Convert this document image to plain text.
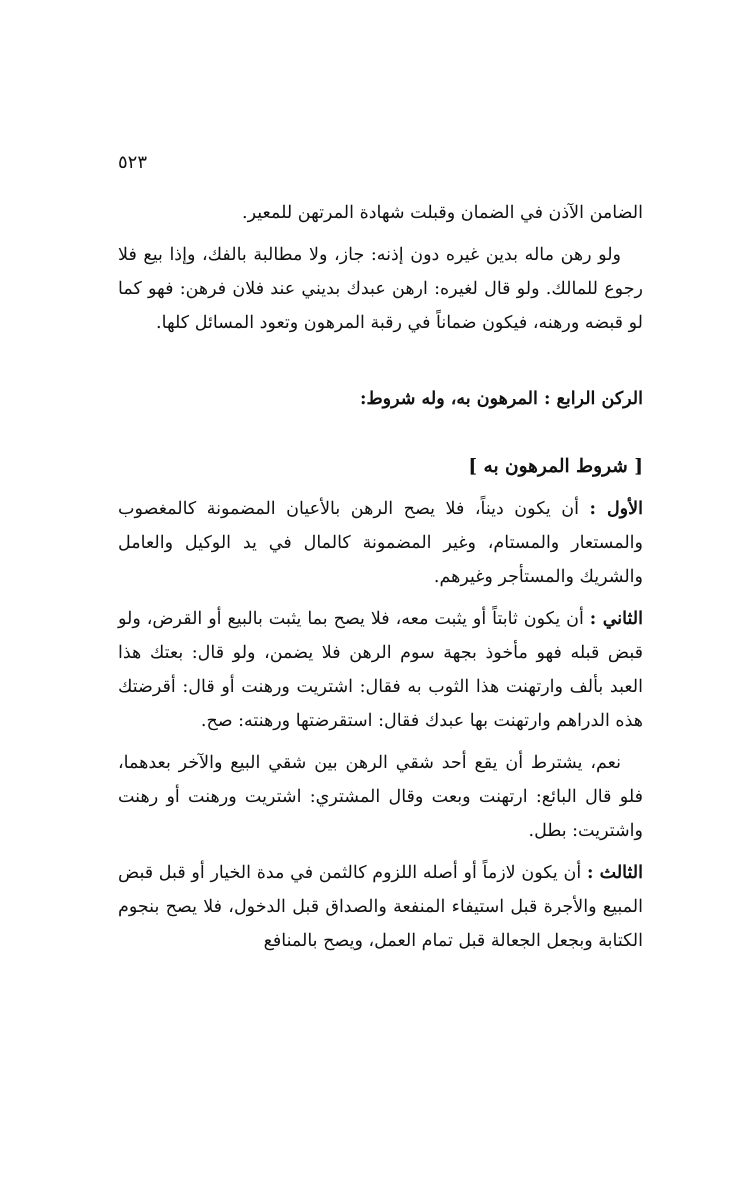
٥٢٣

الضامن الآذن في الضمان وقبلت شهادة المرتهن للمعير.

ولو رهن ماله بدين غيره دون إذنه: جاز، ولا مطالبة بالفك، وإذا بيع فلا رجوع للمالك. ولو قال لغيره: ارهن عبدك بديني عند فلان فرهن: فهو كما لو قبضه ورهنه، فيكون ضماناً في رقبة المرهون وتعود المسائل كلها.

الركن الرابع : المرهون به، وله شروط:

[ شروط المرهون به ]

الأول : أن يكون ديناً، فلا يصح الرهن بالأعيان المضمونة كالمغصوب والمستعار والمستام، وغير المضمونة كالمال في يد الوكيل والعامل والشريك والمستأجر وغيرهم.

الثاني : أن يكون ثابتاً أو يثبت معه، فلا يصح بما يثبت بالبيع أو القرض، ولو قبض قبله فهو مأخوذ بجهة سوم الرهن فلا يضمن، ولو قال: بعتك هذا العبد بألف وارتهنت هذا الثوب به فقال: اشتريت ورهنت أو قال: أقرضتك هذه الدراهم وارتهنت بها عبدك فقال: استقرضتها ورهنته: صح.

نعم، يشترط أن يقع أحد شقي الرهن بين شقي البيع والآخر بعدهما، فلو قال البائع: ارتهنت وبعت وقال المشتري: اشتريت ورهنت أو رهنت واشتريت: بطل.

الثالث : أن يكون لازماً أو أصله اللزوم كالثمن في مدة الخيار أو قبل قبض المبيع والأجرة قبل استيفاء المنفعة والصداق قبل الدخول، فلا يصح بنجوم الكتابة وبجعل الجعالة قبل تمام العمل، ويصح بالمنافع
